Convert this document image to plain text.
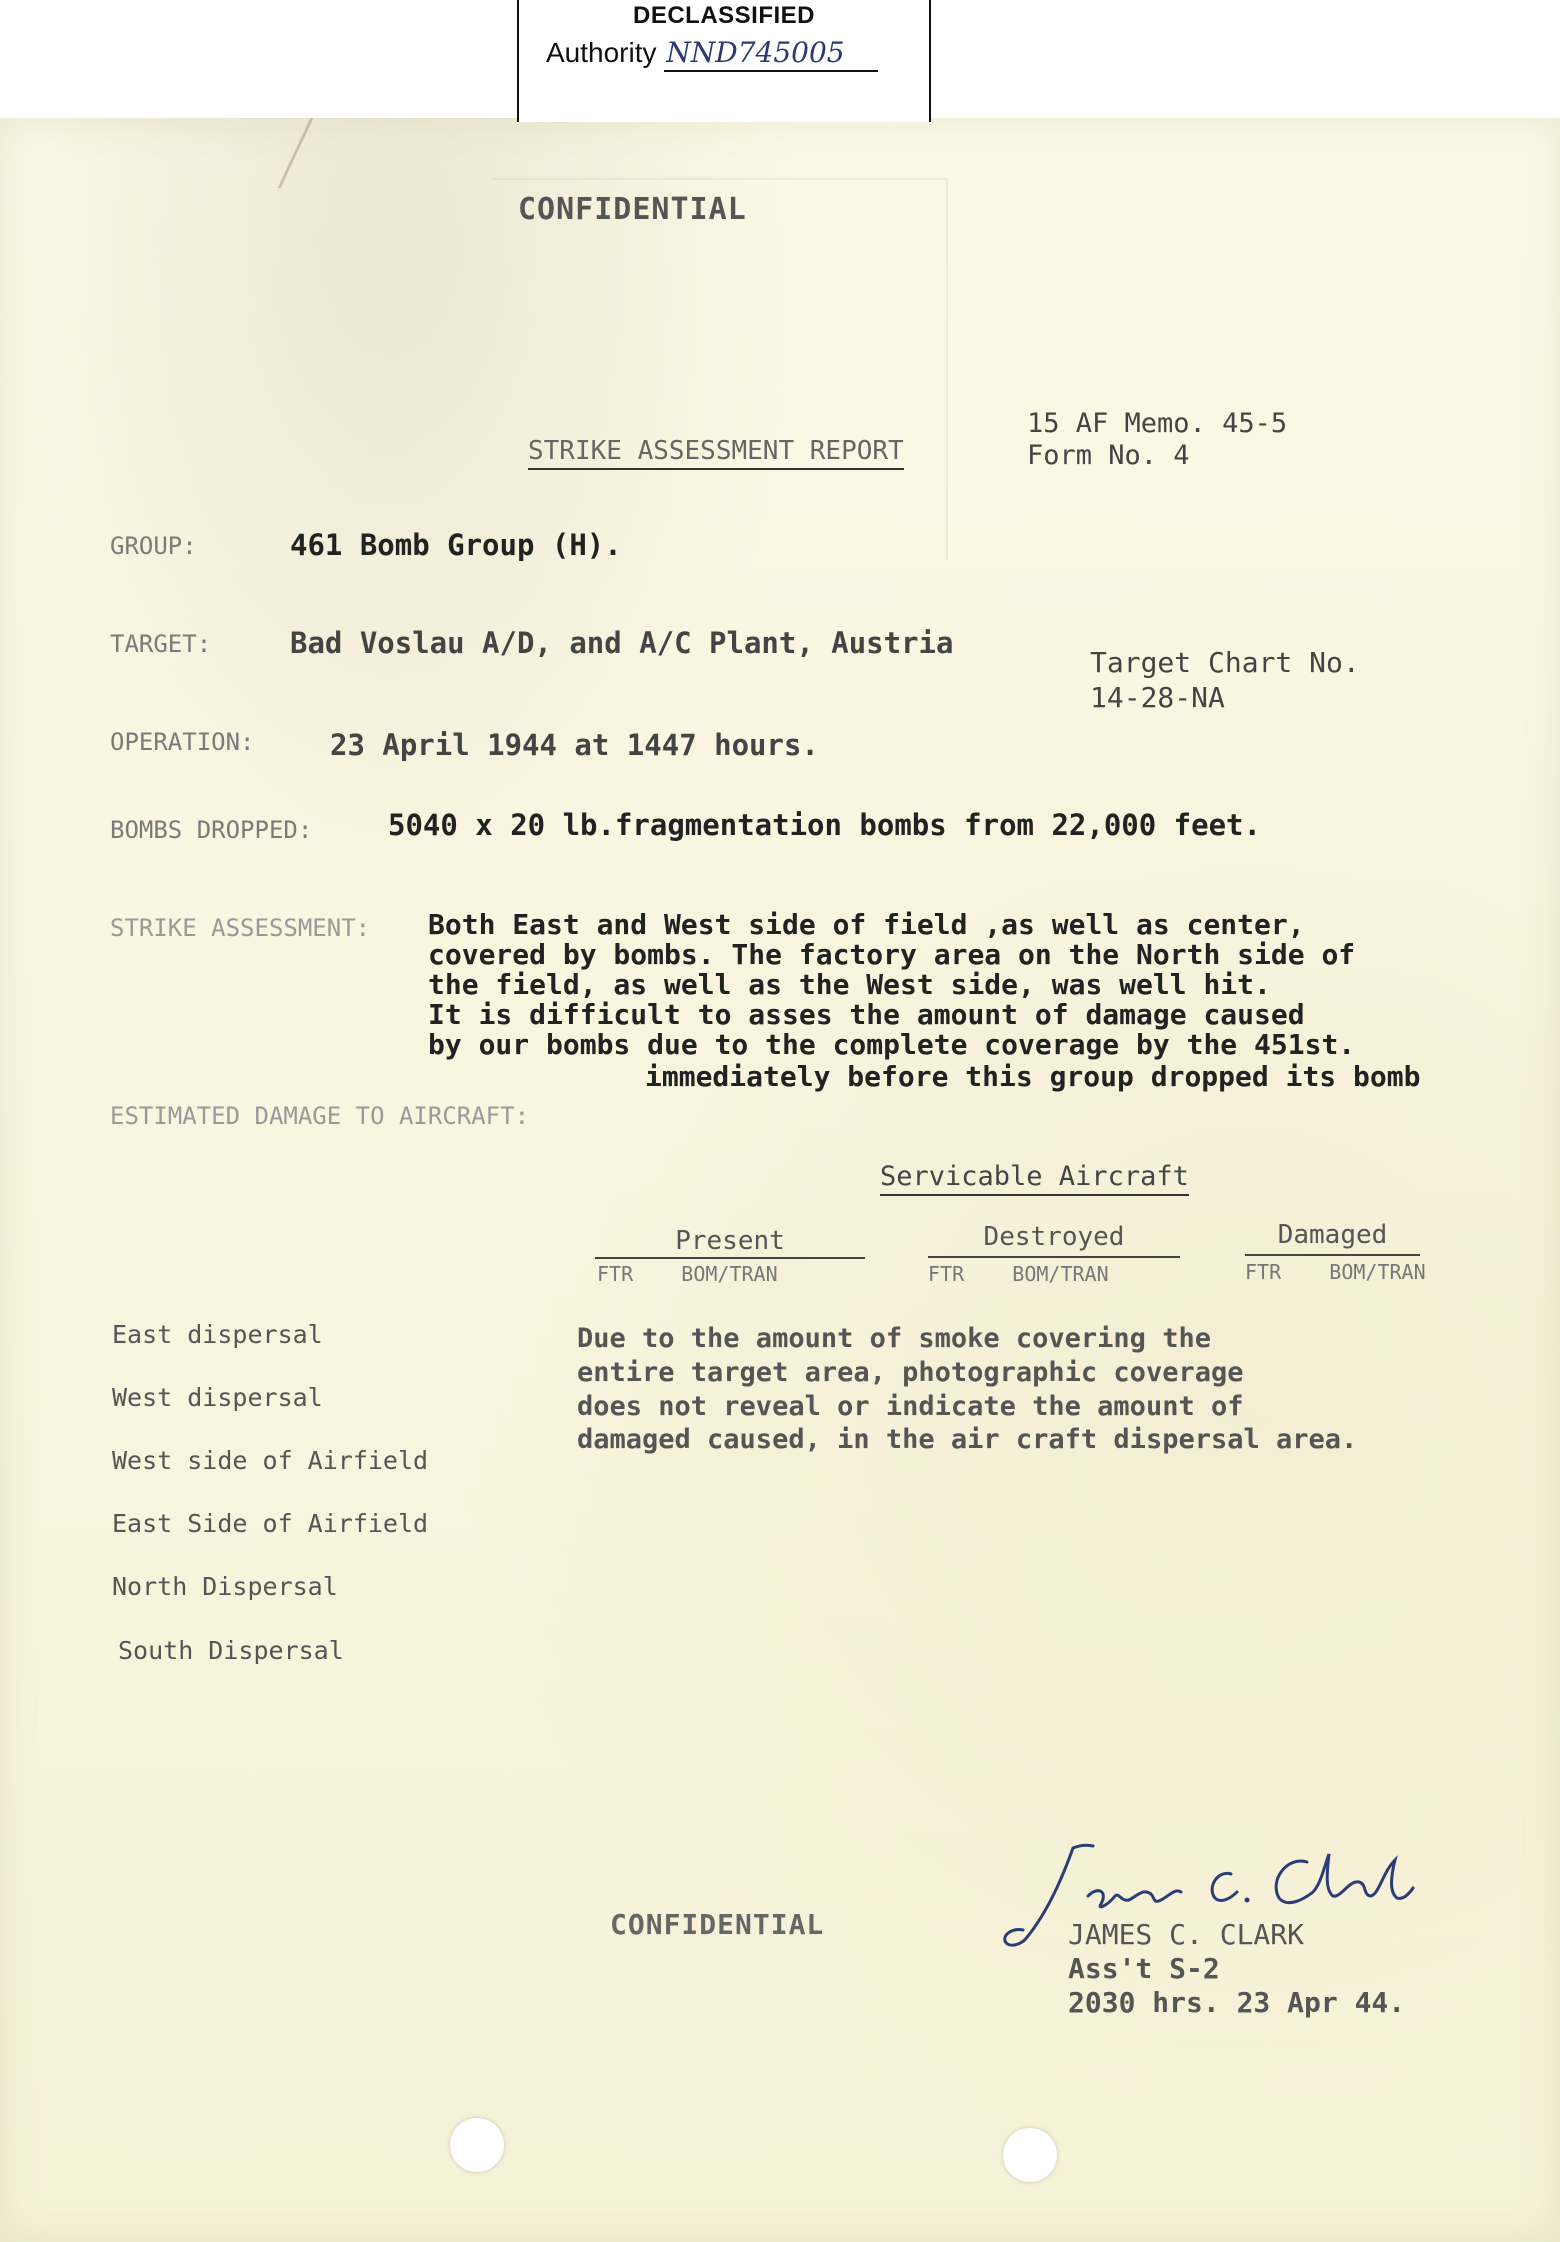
DECLASSIFIED
Authority NND745005
CONFIDENTIAL
STRIKE ASSESSMENT REPORT
15 AF Memo. 45-5
Form No. 4
GROUP:	461 Bomb Group (H).
TARGET:	Bad Voslau A/D, and A/C Plant, Austria
Target Chart No.
14-28-NA
OPERATION:	23 April 1944 at 1447 hours.
BOMBS DROPPED:	5040 x 20 lb.fragmentation bombs from 22,000 feet.
STRIKE ASSESSMENT: Both East and West side of field ,as well as center,
covered by bombs. The factory area on the North side of
the field, as well as the West side, was well hit.
It is difficult to asses the amount of damage caused
by our bombs due to the complete coverage by the 451st.
immediately before this group dropped its bomb
ESTIMATED DAMAGE TO AIRCRAFT:
Servicable Aircraft
Present
FTR    BOM/TRAN
Destroyed
FTR    BOM/TRAN
Damaged
FTR    BOM/TRAN
East dispersal
West dispersal
West side of Airfield
East Side of Airfield
North Dispersal
South Dispersal
Due to the amount of smoke covering the
entire target area, photographic coverage
does not reveal or indicate the amount of
damaged caused, in the air craft dispersal area.
CONFIDENTIAL	JAMES C. CLARK
Ass't S-2
2030 hrs. 23 Apr 44.
